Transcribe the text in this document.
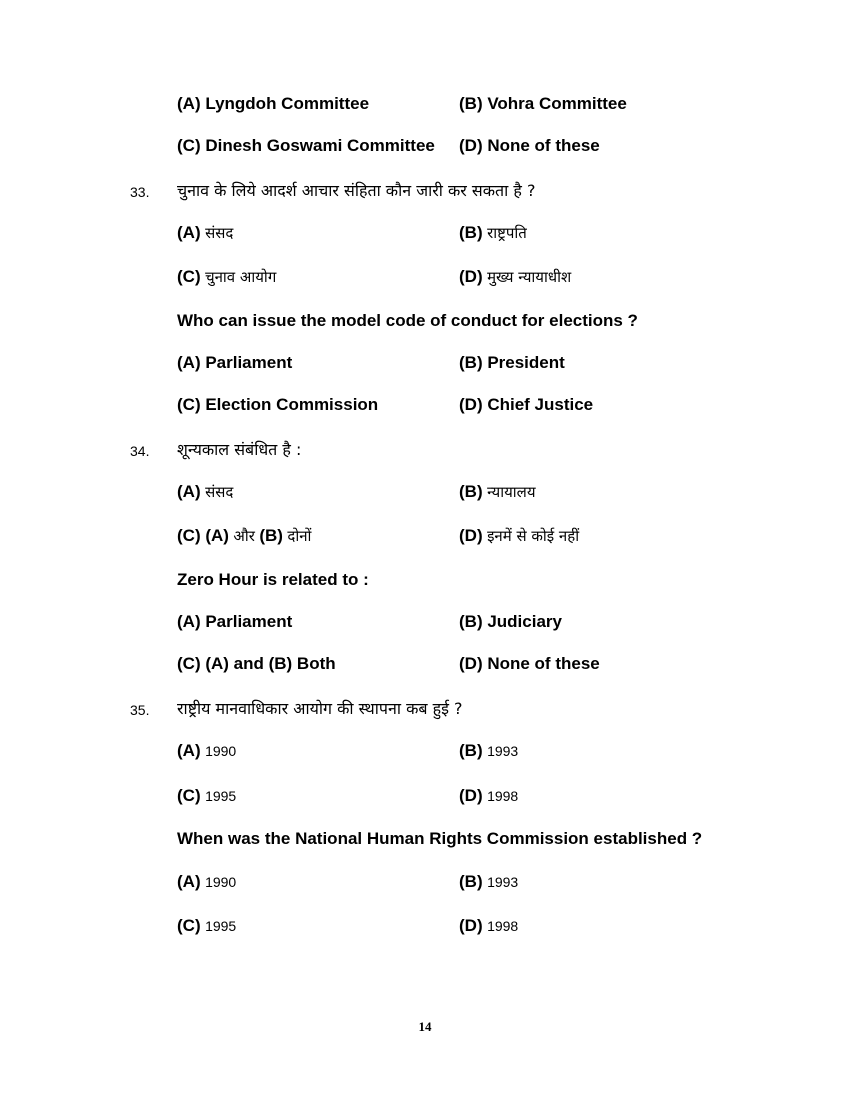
(A) Lyngdoh Committee	(B) Vohra Committee
(C) Dinesh Goswami Committee (D) None of these
33. चुनाव के लिये आदर्श आचार संहिता कौन जारी कर सकता है ?
(A) संसद	(B) राष्ट्रपति
(C) चुनाव आयोग	(D) मुख्य न्यायाधीश
Who can issue the model code of conduct for elections ?
(A) Parliament	(B) President
(C) Election Commission	(D) Chief Justice
34. शून्यकाल संबंधित है :
(A) संसद	(B) न्यायालय
(C) (A) और (B) दोनों	(D) इनमें से कोई नहीं
Zero Hour is related to :
(A) Parliament	(B) Judiciary
(C) (A) and (B) Both	(D) None of these
35. राष्ट्रीय मानवाधिकार आयोग की स्थापना कब हुई ?
(A) 1990	(B) 1993
(C) 1995	(D) 1998
When was the National Human Rights Commission established ?
(A) 1990	(B) 1993
(C) 1995	(D) 1998
14
